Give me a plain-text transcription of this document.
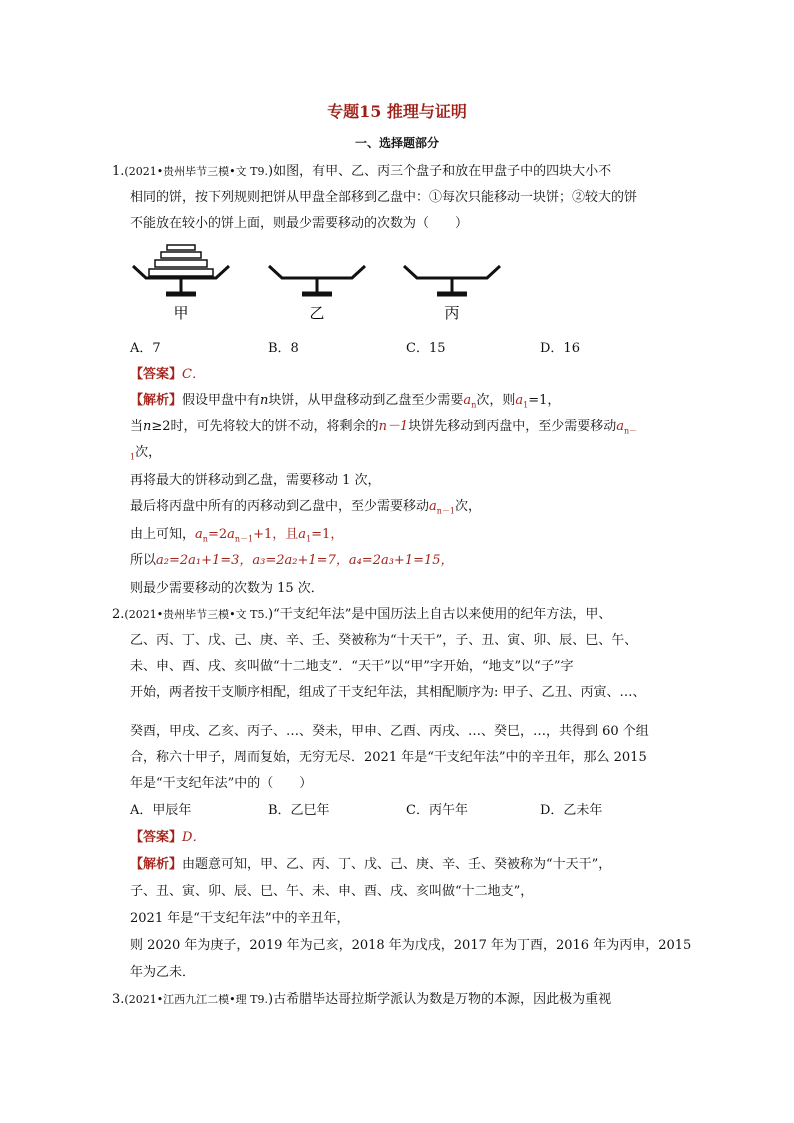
专题15 推理与证明
一、选择题部分
1.(2021•贵州毕节三模•文 T9.)如图，有甲、乙、丙三个盘子和放在甲盘子中的四块大小不
相同的饼，按下列规则把饼从甲盘全部移到乙盘中：①每次只能移动一块饼；②较大的饼
不能放在较小的饼上面，则最少需要移动的次数为（　　）
甲	乙	丙
A．7	B．8	C．15	D．16
【答案】C．
【解析】假设甲盘中有n块饼，从甲盘移动到乙盘至少需要$a_n$次，则$a_1=1$，
当n≥2时，可先将较大的饼不动，将剩余的n－1块饼先移动到丙盘中，至少需要移动$a_{n-}$
$_1$次，
再将最大的饼移动到乙盘，需要移动 1 次，
最后将丙盘中所有的丙移动到乙盘中，至少需要移动$a_{n-1}$次，
由上可知，$a_n=2a_{n-1}+1$，且$a_1=1$，
所以a₂=2a₁+1=3，a₃=2a₂+1=7，a₄=2a₃+1=15，
则最少需要移动的次数为 15 次．
2.(2021•贵州毕节三模•文 T5.)“干支纪年法”是中国历法上自古以来使用的纪年方法，甲、
乙、丙、丁、戊、己、庚、辛、壬、癸被称为“十天干”，子、丑、寅、卯、辰、巳、午、
未、申、酉、戌、亥叫做“十二地支”．“天干”以“甲”字开始，“地支”以“子”字
开始，两者按干支顺序相配，组成了干支纪年法，其相配顺序为: 甲子、乙丑、丙寅、…、
癸酉，甲戌、乙亥、丙子、…、癸未，甲申、乙酉、丙戌、…、癸巳，…，共得到 60 个组
合，称六十甲子，周而复始，无穷无尽．2021 年是“干支纪年法”中的辛丑年，那么 2015
年是“干支纪年法”中的（　　）
A．甲辰年	B．乙巳年	C．丙午年	D．乙未年
【答案】D．
【解析】由题意可知，甲、乙、丙、丁、戊、己、庚、辛、壬、癸被称为“十天干”，
子、丑、寅、卯、辰、巳、午、未、申、酉、戌、亥叫做“十二地支”，
2021 年是“干支纪年法”中的辛丑年，
则 2020 年为庚子，2019 年为己亥，2018 年为戊戌，2017 年为丁酉，2016 年为丙申，2015
年为乙未．
3.(2021•江西九江二模•理 T9.)古希腊毕达哥拉斯学派认为数是万物的本源，因此极为重视
